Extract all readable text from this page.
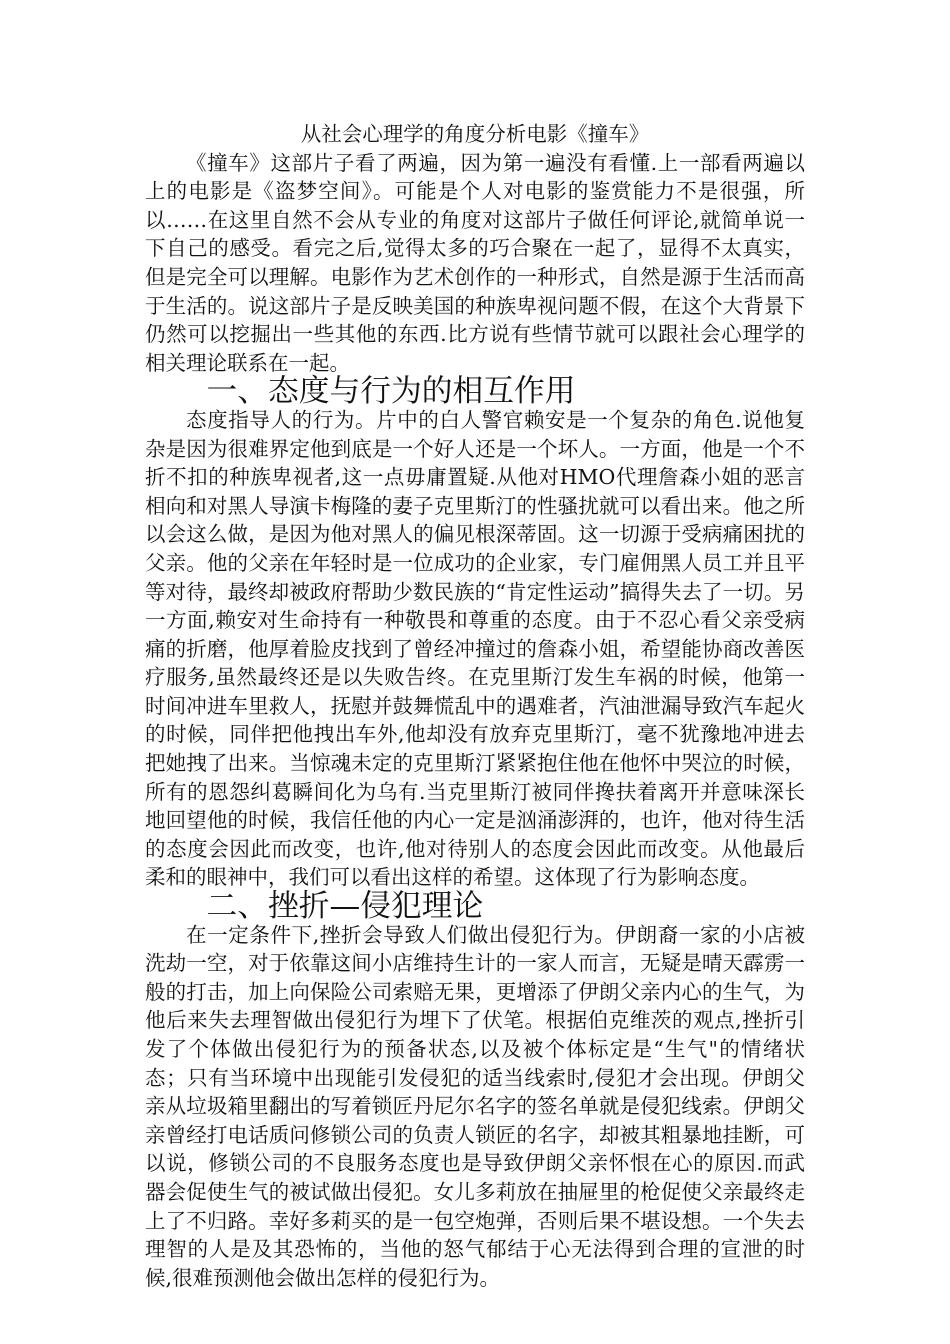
从社会心理学的角度分析电影《撞车》

《撞车》这部片子看了两遍，因为第一遍没有看懂.上一部看两遍以上的电影是《盗梦空间》。可能是个人对电影的鉴赏能力不是很强，所以……在这里自然不会从专业的角度对这部片子做任何评论,就简单说一下自己的感受。看完之后,觉得太多的巧合聚在一起了，显得不太真实，但是完全可以理解。电影作为艺术创作的一种形式，自然是源于生活而高于生活的。说这部片子是反映美国的种族卑视问题不假，在这个大背景下仍然可以挖掘出一些其他的东西.比方说有些情节就可以跟社会心理学的相关理论联系在一起。

一、态度与行为的相互作用

态度指导人的行为。片中的白人警官赖安是一个复杂的角色.说他复杂是因为很难界定他到底是一个好人还是一个坏人。一方面，他是一个不折不扣的种族卑视者,这一点毋庸置疑.从他对HMO代理詹森小姐的恶言相向和对黑人导演卡梅隆的妻子克里斯汀的性骚扰就可以看出来。他之所以会这么做，是因为他对黑人的偏见根深蒂固。这一切源于受病痛困扰的父亲。他的父亲在年轻时是一位成功的企业家，专门雇佣黑人员工并且平等对待，最终却被政府帮助少数民族的“肯定性运动”搞得失去了一切。另一方面,赖安对生命持有一种敬畏和尊重的态度。由于不忍心看父亲受病痛的折磨，他厚着脸皮找到了曾经冲撞过的詹森小姐，希望能协商改善医疗服务,虽然最终还是以失败告终。在克里斯汀发生车祸的时候，他第一时间冲进车里救人，抚慰并鼓舞慌乱中的遇难者，汽油泄漏导致汽车起火的时候，同伴把他拽出车外,他却没有放弃克里斯汀，毫不犹豫地冲进去把她拽了出来。当惊魂未定的克里斯汀紧紧抱住他在他怀中哭泣的时候，所有的恩怨纠葛瞬间化为乌有.当克里斯汀被同伴搀扶着离开并意味深长地回望他的时候，我信任他的内心一定是汹涌澎湃的，也许，他对待生活的态度会因此而改变，也许,他对待别人的态度会因此而改变。从他最后柔和的眼神中，我们可以看出这样的希望。这体现了行为影响态度。

二、挫折—侵犯理论

在一定条件下,挫折会导致人们做出侵犯行为。伊朗裔一家的小店被洗劫一空，对于依靠这间小店维持生计的一家人而言，无疑是晴天霹雳一般的打击，加上向保险公司索赔无果，更增添了伊朗父亲内心的生气，为他后来失去理智做出侵犯行为埋下了伏笔。根据伯克维茨的观点,挫折引发了个体做出侵犯行为的预备状态,以及被个体标定是“生气"的情绪状态；只有当环境中出现能引发侵犯的适当线索时,侵犯才会出现。伊朗父亲从垃圾箱里翻出的写着锁匠丹尼尔名字的签名单就是侵犯线索。伊朗父亲曾经打电话质问修锁公司的负责人锁匠的名字，却被其粗暴地挂断，可以说，修锁公司的不良服务态度也是导致伊朗父亲怀恨在心的原因.而武器会促使生气的被试做出侵犯。女儿多莉放在抽屉里的枪促使父亲最终走上了不归路。幸好多莉买的是一包空炮弹，否则后果不堪设想。一个失去理智的人是及其恐怖的，当他的怒气郁结于心无法得到合理的宣泄的时候,很难预测他会做出怎样的侵犯行为。
